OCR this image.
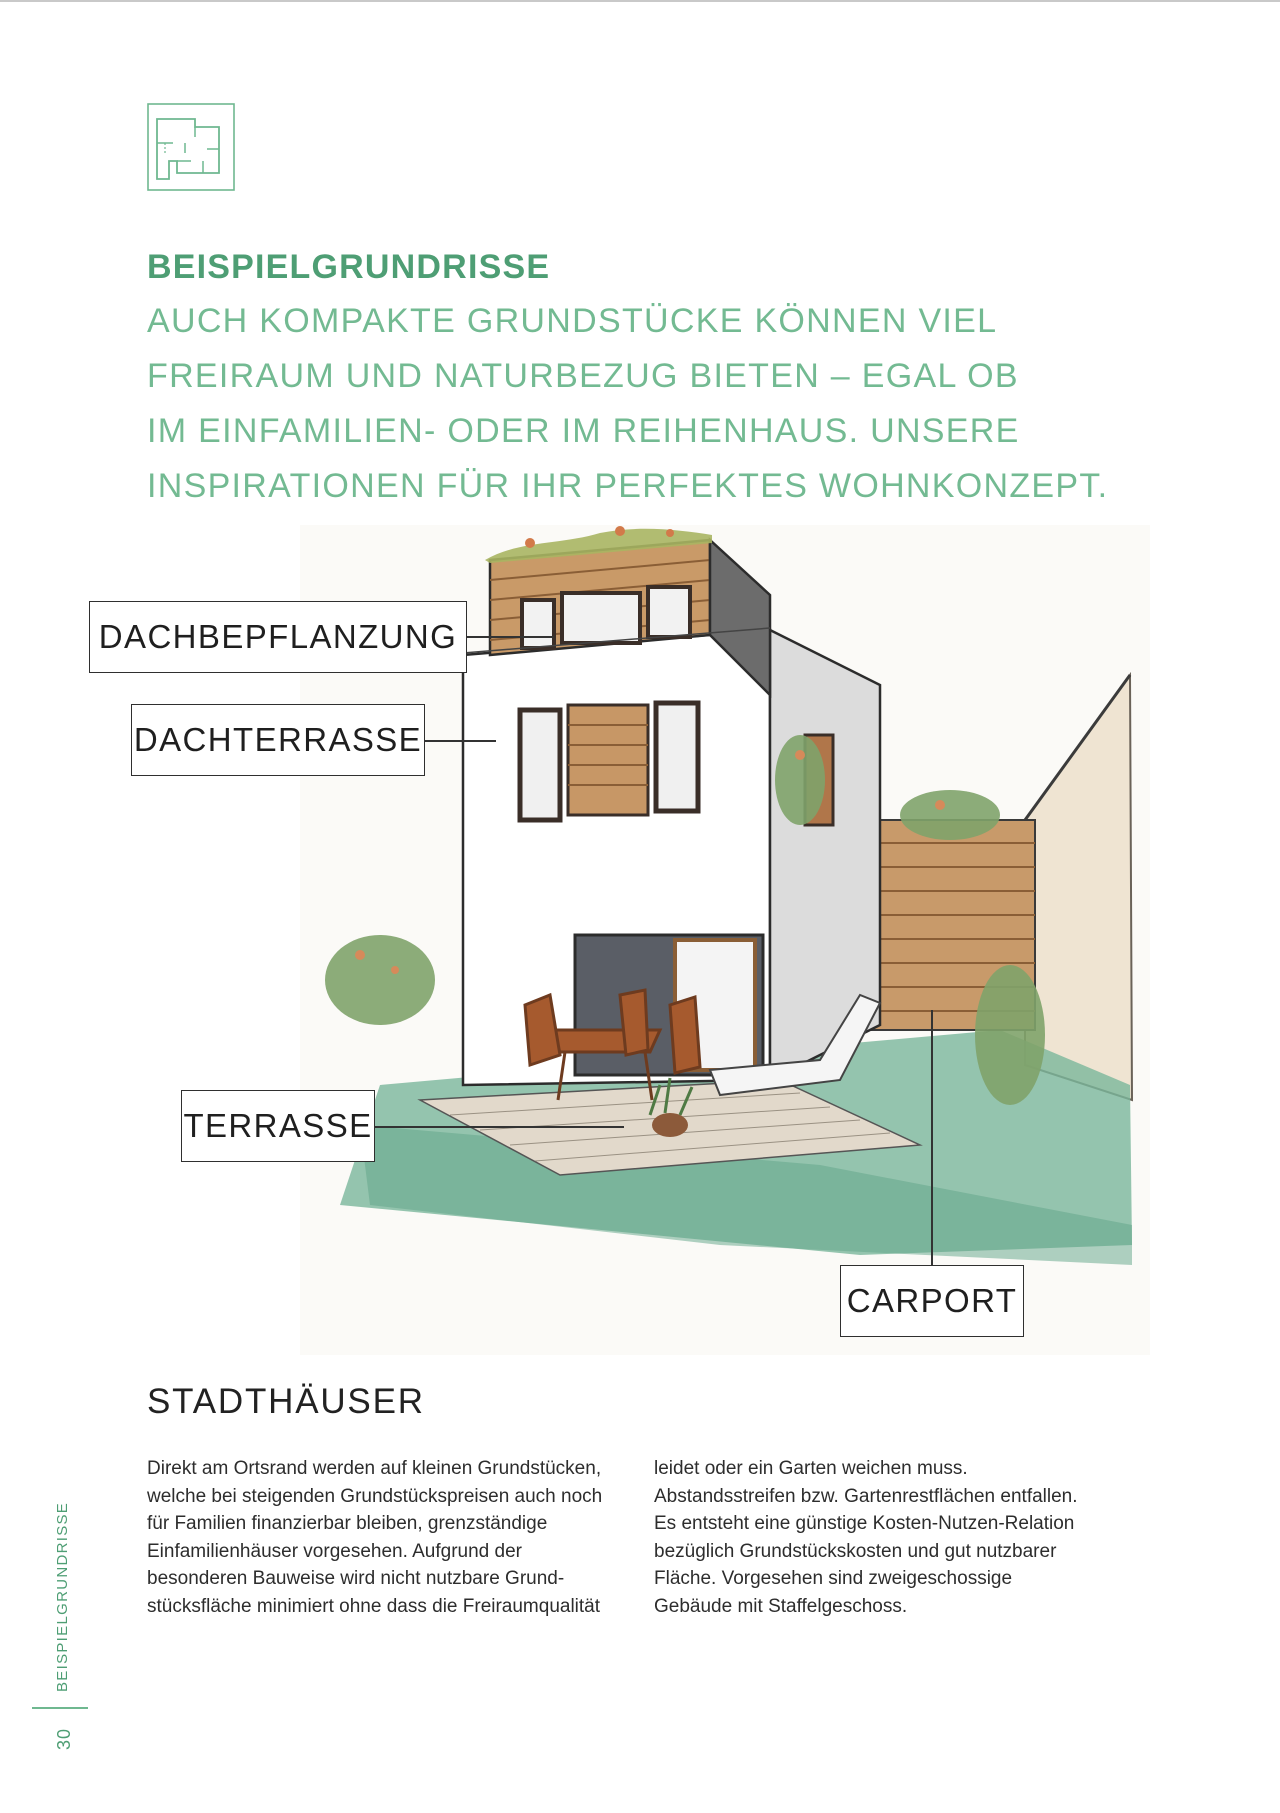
BEISPIELGRUNDRISSE
AUCH KOMPAKTE GRUNDSTÜCKE KÖNNEN VIEL
FREIRAUM UND NATURBEZUG BIETEN – EGAL OB
IM EINFAMILIEN- ODER IM REIHENHAUS. UNSERE
INSPIRATIONEN FÜR IHR PERFEKTES WOHNKONZEPT.
DACHBEPFLANZUNG
DACHTERRASSE
TERRASSE
CARPORT
STADTHÄUSER
Direkt am Ortsrand werden auf kleinen Grundstücken,
welche bei steigenden Grundstückspreisen auch noch
für Familien finanzierbar bleiben, grenzständige
Einfamilienhäuser vorgesehen. Aufgrund der
besonderen Bauweise wird nicht nutzbare Grund-
stücksfläche minimiert ohne dass die Freiraumqualität
leidet oder ein Garten weichen muss.
Abstandsstreifen bzw. Gartenrestflächen entfallen.
Es entsteht eine günstige Kosten-Nutzen-Relation
bezüglich Grundstückskosten und gut nutzbarer
Fläche. Vorgesehen sind zweigeschossige
Gebäude mit Staffelgeschoss.
BEISPIELGRUNDRISSE
30
